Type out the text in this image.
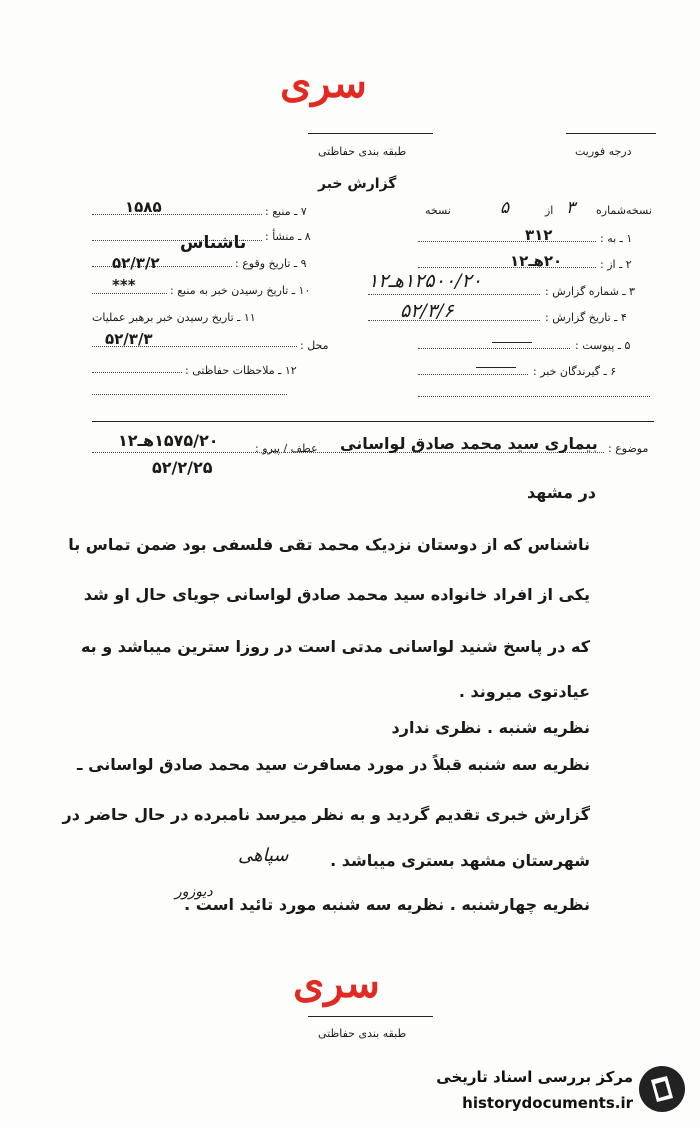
سری
طبقه بندی حفاظتی	درجه فوریت
گزارش خبر
۷ ـ منبع :
۱۵۸۵
۸ ـ منشأ :
ناشناس
۹ ـ تاریخ وقوع :
۵۲/۳/۲
۱۰ ـ تاریخ رسیدن خبر به منبع :
***
۱۱ ـ تاریخ رسیدن خبر برهبر عملیات
محل :
۵۲/۳/۳
۱۲ ـ ملاحظات حفاظتی :
نسخه‌شماره
۳
از
۵
نسخه
۱ ـ به :
۳۱۲
۲ ـ از :
۲۰هـ۱۲
۳ ـ شماره گزارش :
۱۲۵۰۰/۲۰هـ۱۲
۴ ـ تاریخ گزارش :
۵۲/۳/۶
۵ ـ پیوست :
۶ ـ گیرندگان خبر :
موضوع :
بیماری سید محمد صادق لواسانی
عطف / پیرو :
۱۵۷۵/۲۰هـ۱۲
۵۲/۲/۲۵
در مشهد
ناشناس که از دوستان نزدیک محمد تقی فلسفی بود ضمن تماس با
یکی از افراد خانواده سید محمد صادق لواسانی جویای حال او شد
که در پاسخ شنید لواسانی مدتی است در روزا سترین میباشد و به
عیادتوی میروند .
نظریه شنبه . نظری ندارد
نظریه سه شنبه قبلاً در مورد مسافرت سید محمد صادق لواسانی ـ
گزارش خبری تقدیم گردید و به نظر میرسد نامبرده در حال حاضر در
شهرستان مشهد بستری میباشد .
سپاهی
نظریه چهارشنبه . نظریه سه شنبه مورد تائید است .
دیوزور
سری
طبقه بندی حفاظتی
مرکز بررسی اسناد تاریخی
historydocuments.ir
